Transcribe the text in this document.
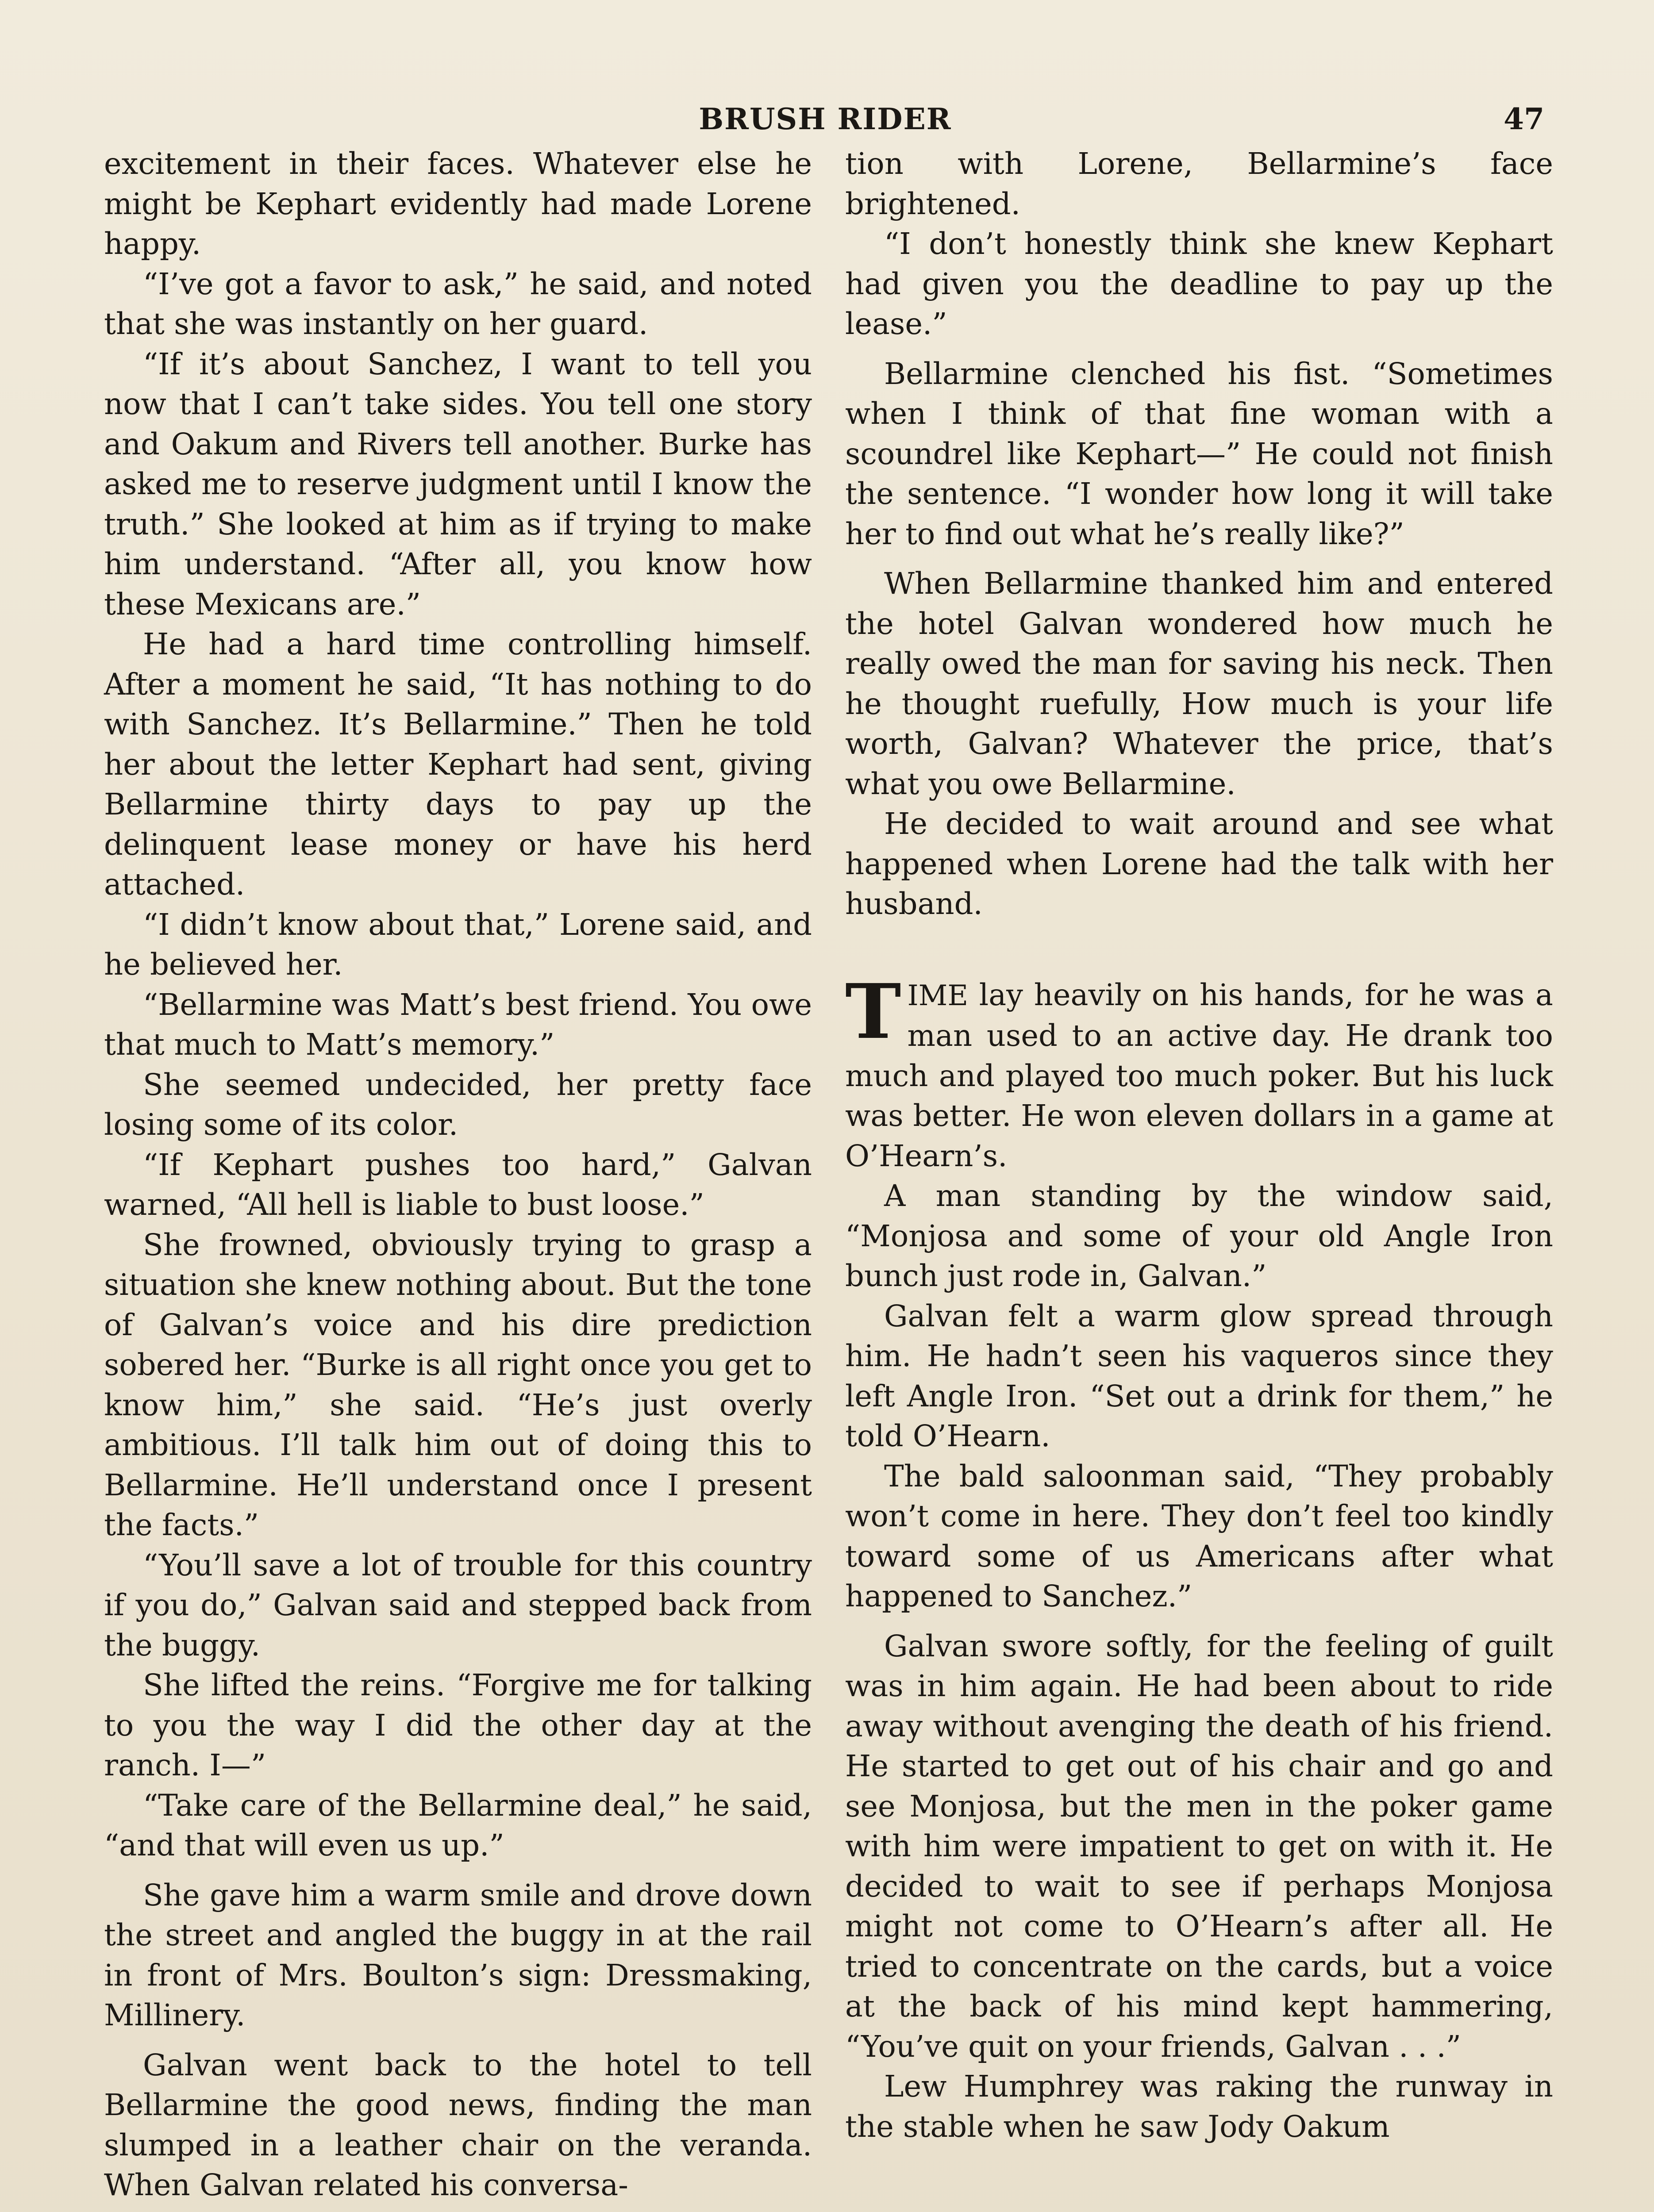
BRUSH RIDER	47

excitement in their faces. Whatever else he might be Kephart evidently had made Lorene happy.

“I’ve got a favor to ask,” he said, and noted that she was instantly on her guard.

“If it’s about Sanchez, I want to tell you now that I can’t take sides. You tell one story and Oakum and Rivers tell another. Burke has asked me to reserve judgment until I know the truth.” She looked at him as if trying to make him understand. “After all, you know how these Mexicans are.”

He had a hard time controlling himself. After a moment he said, “It has nothing to do with Sanchez. It’s Bellarmine.” Then he told her about the letter Kephart had sent, giving Bellarmine thirty days to pay up the delinquent lease money or have his herd attached.

“I didn’t know about that,” Lorene said, and he believed her.

“Bellarmine was Matt’s best friend. You owe that much to Matt’s memory.”

She seemed undecided, her pretty face losing some of its color.

“If Kephart pushes too hard,” Galvan warned, “All hell is liable to bust loose.”

She frowned, obviously trying to grasp a situation she knew nothing about. But the tone of Galvan’s voice and his dire prediction sobered her. “Burke is all right once you get to know him,” she said. “He’s just overly ambitious. I’ll talk him out of doing this to Bellarmine. He’ll understand once I present the facts.”

“You’ll save a lot of trouble for this country if you do,” Galvan said and stepped back from the buggy.

She lifted the reins. “Forgive me for talking to you the way I did the other day at the ranch. I—”

“Take care of the Bellarmine deal,” he said, “and that will even us up.”

She gave him a warm smile and drove down the street and angled the buggy in at the rail in front of Mrs. Boulton’s sign: Dressmaking, Millinery.

Galvan went back to the hotel to tell Bellarmine the good news, finding the man slumped in a leather chair on the veranda. When Galvan related his conversa-

tion with Lorene, Bellarmine’s face brightened.

“I don’t honestly think she knew Kephart had given you the deadline to pay up the lease.”

Bellarmine clenched his fist. “Sometimes when I think of that fine woman with a scoundrel like Kephart—” He could not finish the sentence. “I wonder how long it will take her to find out what he’s really like?”

When Bellarmine thanked him and entered the hotel Galvan wondered how much he really owed the man for saving his neck. Then he thought ruefully, How much is your life worth, Galvan? Whatever the price, that’s what you owe Bellarmine.

He decided to wait around and see what happened when Lorene had the talk with her husband.

TIME lay heavily on his hands, for he was a man used to an active day. He drank too much and played too much poker. But his luck was better. He won eleven dollars in a game at O’Hearn’s.

A man standing by the window said, “Monjosa and some of your old Angle Iron bunch just rode in, Galvan.”

Galvan felt a warm glow spread through him. He hadn’t seen his vaqueros since they left Angle Iron. “Set out a drink for them,” he told O’Hearn.

The bald saloonman said, “They probably won’t come in here. They don’t feel too kindly toward some of us Americans after what happened to Sanchez.”

Galvan swore softly, for the feeling of guilt was in him again. He had been about to ride away without avenging the death of his friend. He started to get out of his chair and go and see Monjosa, but the men in the poker game with him were impatient to get on with it. He decided to wait to see if perhaps Monjosa might not come to O’Hearn’s after all. He tried to concentrate on the cards, but a voice at the back of his mind kept hammering, “You’ve quit on your friends, Galvan . . .”

Lew Humphrey was raking the runway in the stable when he saw Jody Oakum
